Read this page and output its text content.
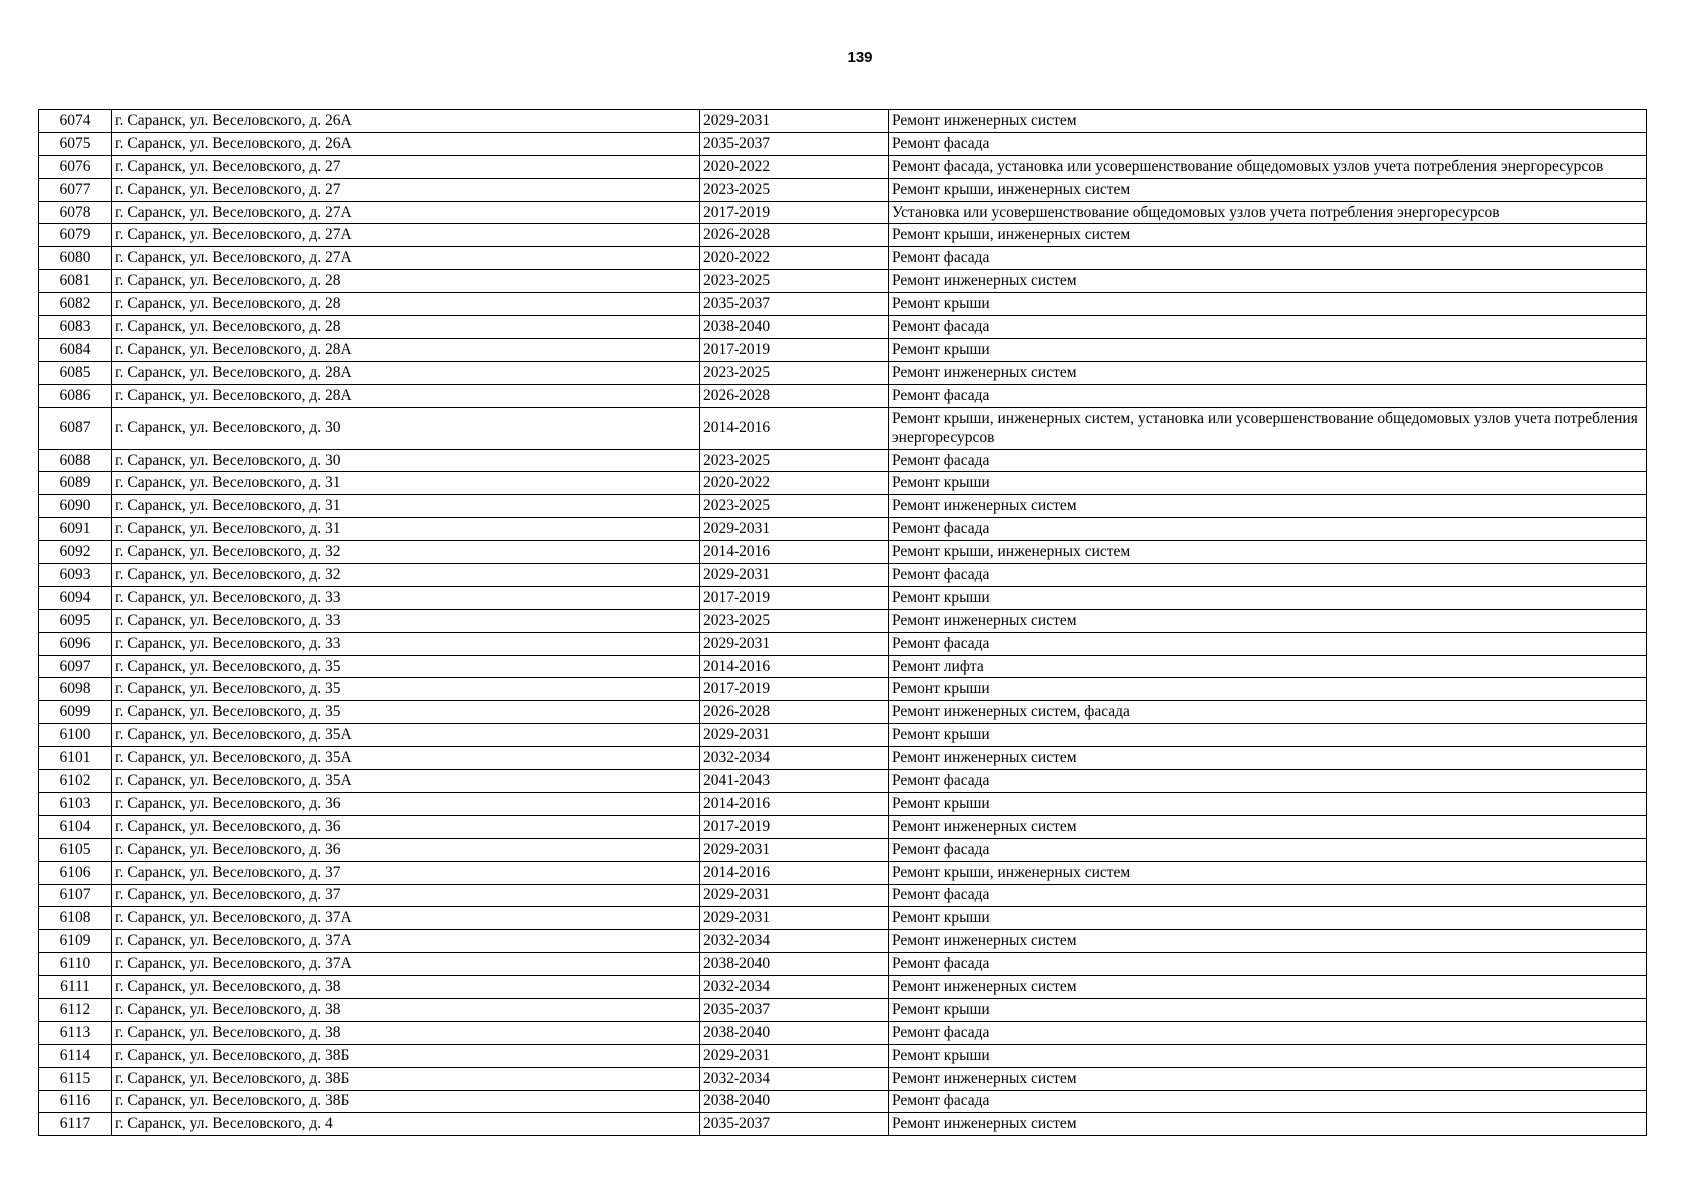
139
6074	г. Саранск, ул. Веселовского, д. 26А	2029-2031	Ремонт инженерных систем
6075	г. Саранск, ул. Веселовского, д. 26А	2035-2037	Ремонт фасада
6076	г. Саранск, ул. Веселовского, д. 27	2020-2022	Ремонт фасада, установка или усовершенствование общедомовых узлов учета потребления энергоресурсов
6077	г. Саранск, ул. Веселовского, д. 27	2023-2025	Ремонт крыши, инженерных систем
6078	г. Саранск, ул. Веселовского, д. 27А	2017-2019	Установка или усовершенствование общедомовых узлов учета потребления энергоресурсов
6079	г. Саранск, ул. Веселовского, д. 27А	2026-2028	Ремонт крыши, инженерных систем
6080	г. Саранск, ул. Веселовского, д. 27А	2020-2022	Ремонт фасада
6081	г. Саранск, ул. Веселовского, д. 28	2023-2025	Ремонт инженерных систем
6082	г. Саранск, ул. Веселовского, д. 28	2035-2037	Ремонт крыши
6083	г. Саранск, ул. Веселовского, д. 28	2038-2040	Ремонт фасада
6084	г. Саранск, ул. Веселовского, д. 28А	2017-2019	Ремонт крыши
6085	г. Саранск, ул. Веселовского, д. 28А	2023-2025	Ремонт инженерных систем
6086	г. Саранск, ул. Веселовского, д. 28А	2026-2028	Ремонт фасада
6087	г. Саранск, ул. Веселовского, д. 30	2014-2016	Ремонт крыши, инженерных систем, установка или усовершенствование общедомовых узлов учета потребления энергоресурсов
6088	г. Саранск, ул. Веселовского, д. 30	2023-2025	Ремонт фасада
6089	г. Саранск, ул. Веселовского, д. 31	2020-2022	Ремонт крыши
6090	г. Саранск, ул. Веселовского, д. 31	2023-2025	Ремонт инженерных систем
6091	г. Саранск, ул. Веселовского, д. 31	2029-2031	Ремонт фасада
6092	г. Саранск, ул. Веселовского, д. 32	2014-2016	Ремонт крыши, инженерных систем
6093	г. Саранск, ул. Веселовского, д. 32	2029-2031	Ремонт фасада
6094	г. Саранск, ул. Веселовского, д. 33	2017-2019	Ремонт крыши
6095	г. Саранск, ул. Веселовского, д. 33	2023-2025	Ремонт инженерных систем
6096	г. Саранск, ул. Веселовского, д. 33	2029-2031	Ремонт фасада
6097	г. Саранск, ул. Веселовского, д. 35	2014-2016	Ремонт лифта
6098	г. Саранск, ул. Веселовского, д. 35	2017-2019	Ремонт крыши
6099	г. Саранск, ул. Веселовского, д. 35	2026-2028	Ремонт инженерных систем, фасада
6100	г. Саранск, ул. Веселовского, д. 35А	2029-2031	Ремонт крыши
6101	г. Саранск, ул. Веселовского, д. 35А	2032-2034	Ремонт инженерных систем
6102	г. Саранск, ул. Веселовского, д. 35А	2041-2043	Ремонт фасада
6103	г. Саранск, ул. Веселовского, д. 36	2014-2016	Ремонт крыши
6104	г. Саранск, ул. Веселовского, д. 36	2017-2019	Ремонт инженерных систем
6105	г. Саранск, ул. Веселовского, д. 36	2029-2031	Ремонт фасада
6106	г. Саранск, ул. Веселовского, д. 37	2014-2016	Ремонт крыши, инженерных систем
6107	г. Саранск, ул. Веселовского, д. 37	2029-2031	Ремонт фасада
6108	г. Саранск, ул. Веселовского, д. 37А	2029-2031	Ремонт крыши
6109	г. Саранск, ул. Веселовского, д. 37А	2032-2034	Ремонт инженерных систем
6110	г. Саранск, ул. Веселовского, д. 37А	2038-2040	Ремонт фасада
6111	г. Саранск, ул. Веселовского, д. 38	2032-2034	Ремонт инженерных систем
6112	г. Саранск, ул. Веселовского, д. 38	2035-2037	Ремонт крыши
6113	г. Саранск, ул. Веселовского, д. 38	2038-2040	Ремонт фасада
6114	г. Саранск, ул. Веселовского, д. 38Б	2029-2031	Ремонт крыши
6115	г. Саранск, ул. Веселовского, д. 38Б	2032-2034	Ремонт инженерных систем
6116	г. Саранск, ул. Веселовского, д. 38Б	2038-2040	Ремонт фасада
6117	г. Саранск, ул. Веселовского, д. 4	2035-2037	Ремонт инженерных систем
